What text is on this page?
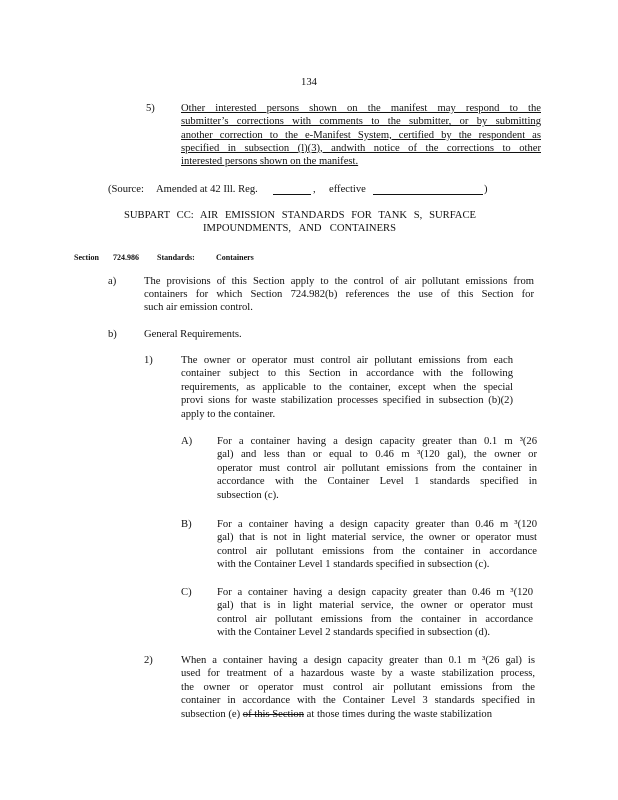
134
5) Other interested persons shown on the manifest may respond to the
submitter’s corrections with comments to the submitter, or by submitting
another correction to the e-Manifest System, certified by the respondent as
specified in subsection (l)(3), andwith notice of the corrections to other
interested persons shown on the manifest.
(Source: Amended at 42 Ill. Reg.	, effective	)
SUBPART CC: AIR EMISSION STANDARDS FOR TANK S, SURFACE
IMPOUNDMENTS, AND CONTAINERS
Section 724.986 Standards:	Containers
a)	The provisions of this Section apply to the control of air pollutant emissions from
containers for which Section 724.982(b) references the use of this Section for
such air emission control.
b)	General Requirements.
1)	The owner or operator must control air pollutant emissions from each
container subject to this Section in accordance with the following
requirements, as applicable to the container, except when the special
provi sions for waste stabilization processes specified in subsection (b)(2)
apply to the container.
A) For a container having a design capacity greater than 0.1 m ³(26
gal) and less than or equal to 0.46 m ³(120 gal), the owner or
operator must control air pollutant emissions from the container in
accordance with the Container Level 1 standards specified in
subsection (c).
B) For a container having a design capacity greater than 0.46 m ³(120
gal) that is not in light material service, the owner or operator must
control air pollutant emissions from the container in accordance
with the Container Level 1 standards specified in subsection (c).
C) For a container having a design capacity greater than 0.46 m ³(120
gal) that is in light material service, the owner or operator must
control air pollutant emissions from the container in accordance
with the Container Level 2 standards specified in subsection (d).
2)	When a container having a design capacity greater than 0.1 m ³(26 gal) is
used for treatment of a hazardous waste by a waste stabilization process,
the owner or operator must control air pollutant emissions from the
container in accordance with the Container Level 3 standards specified in
subsection (e) of this Section at those times during the waste stabilization
